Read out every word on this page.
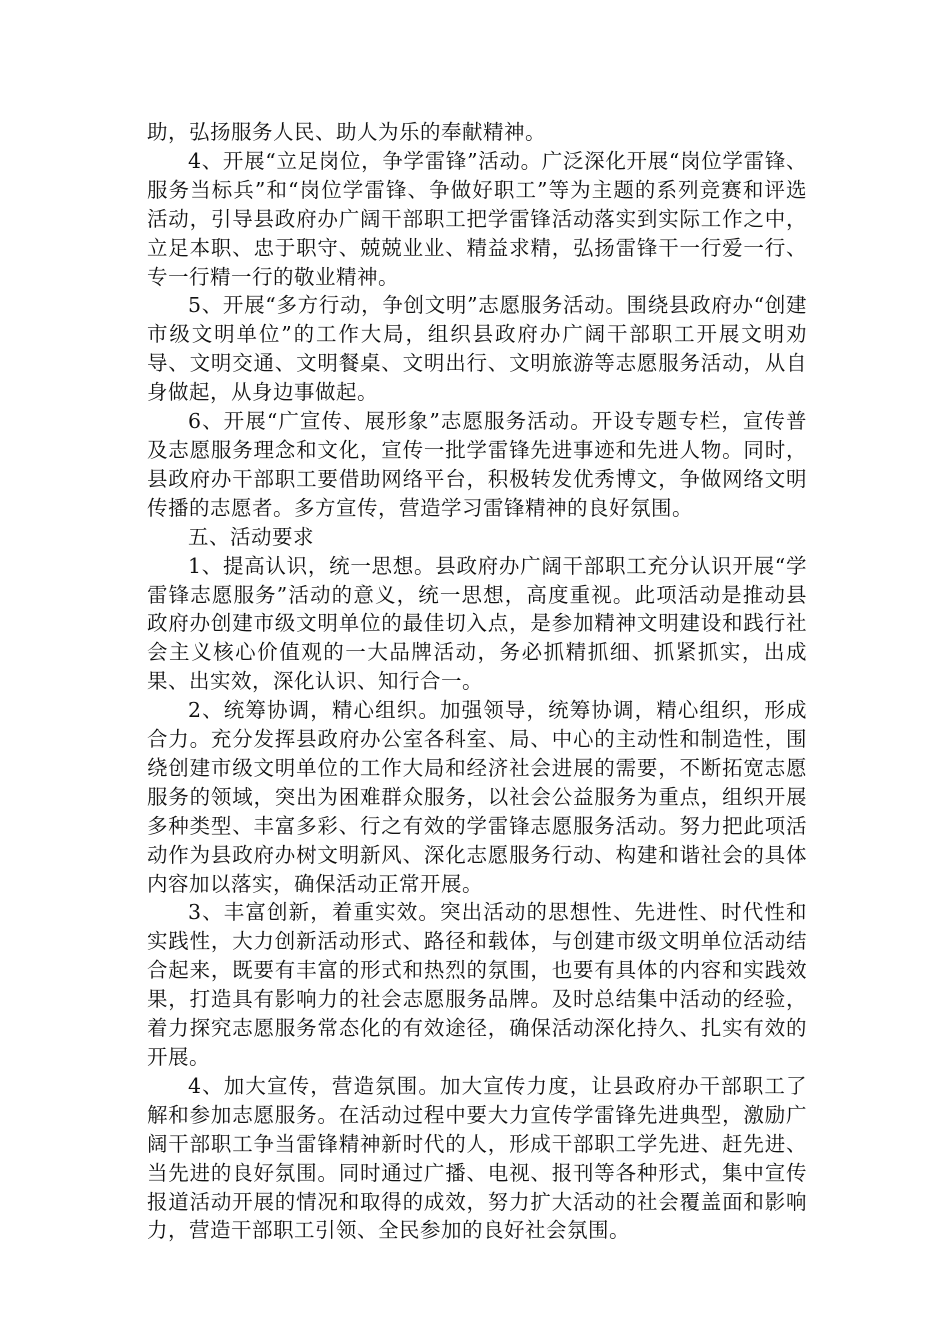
助，弘扬服务人民、助人为乐的奉献精神。

4、开展“立足岗位，争学雷锋”活动。广泛深化开展“岗位学雷锋、服务当标兵”和“岗位学雷锋、争做好职工”等为主题的系列竞赛和评选活动，引导县政府办广阔干部职工把学雷锋活动落实到实际工作之中，立足本职、忠于职守、兢兢业业、精益求精，弘扬雷锋干一行爱一行、专一行精一行的敬业精神。

5、开展“多方行动，争创文明”志愿服务活动。围绕县政府办“创建市级文明单位”的工作大局，组织县政府办广阔干部职工开展文明劝导、文明交通、文明餐桌、文明出行、文明旅游等志愿服务活动，从自身做起，从身边事做起。

6、开展“广宣传、展形象”志愿服务活动。开设专题专栏，宣传普及志愿服务理念和文化，宣传一批学雷锋先进事迹和先进人物。同时，县政府办干部职工要借助网络平台，积极转发优秀博文，争做网络文明传播的志愿者。多方宣传，营造学习雷锋精神的良好氛围。

五、活动要求

1、提高认识，统一思想。县政府办广阔干部职工充分认识开展“学雷锋志愿服务”活动的意义，统一思想，高度重视。此项活动是推动县政府办创建市级文明单位的最佳切入点，是参加精神文明建设和践行社会主义核心价值观的一大品牌活动，务必抓精抓细、抓紧抓实，出成果、出实效，深化认识、知行合一。

2、统筹协调，精心组织。加强领导，统筹协调，精心组织，形成合力。充分发挥县政府办公室各科室、局、中心的主动性和制造性，围绕创建市级文明单位的工作大局和经济社会进展的需要，不断拓宽志愿服务的领域，突出为困难群众服务，以社会公益服务为重点，组织开展多种类型、丰富多彩、行之有效的学雷锋志愿服务活动。努力把此项活动作为县政府办树文明新风、深化志愿服务行动、构建和谐社会的具体内容加以落实，确保活动正常开展。

3、丰富创新，着重实效。突出活动的思想性、先进性、时代性和实践性，大力创新活动形式、路径和载体，与创建市级文明单位活动结合起来，既要有丰富的形式和热烈的氛围，也要有具体的内容和实践效果，打造具有影响力的社会志愿服务品牌。及时总结集中活动的经验，着力探究志愿服务常态化的有效途径，确保活动深化持久、扎实有效的开展。

4、加大宣传，营造氛围。加大宣传力度，让县政府办干部职工了解和参加志愿服务。在活动过程中要大力宣传学雷锋先进典型，激励广阔干部职工争当雷锋精神新时代的人，形成干部职工学先进、赶先进、当先进的良好氛围。同时通过广播、电视、报刊等各种形式，集中宣传报道活动开展的情况和取得的成效，努力扩大活动的社会覆盖面和影响力，营造干部职工引领、全民参加的良好社会氛围。
